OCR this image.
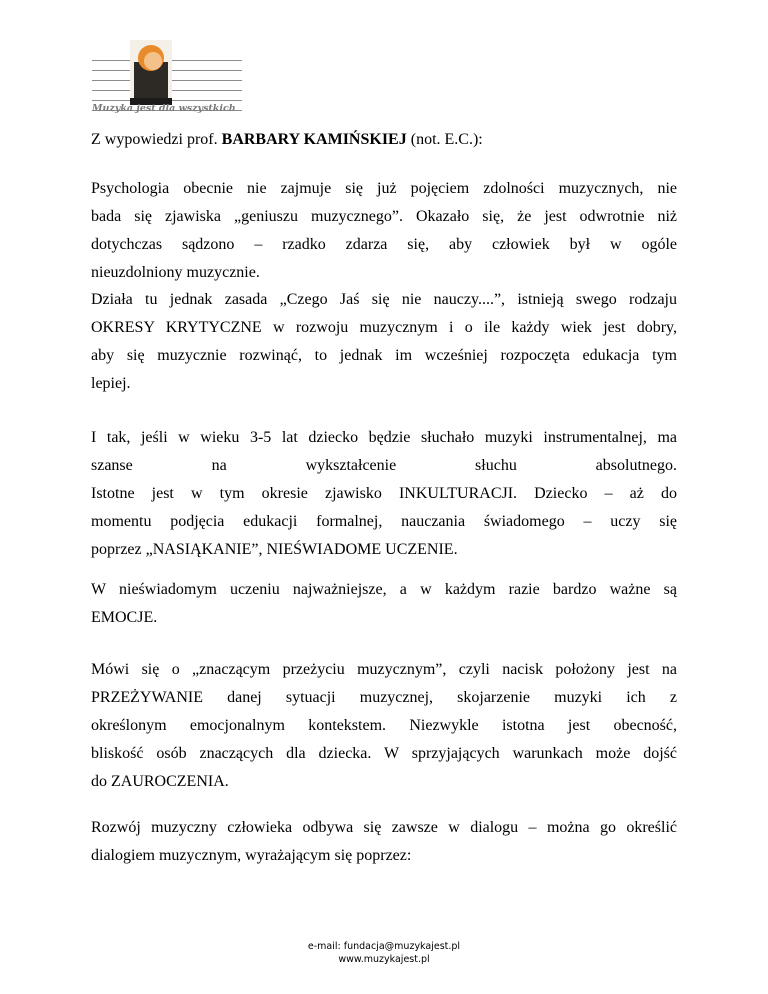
Muzyka jest dla wszystkich

Z wypowiedzi prof. BARBARY KAMIŃSKIEJ (not. E.C.):

Psychologia obecnie nie zajmuje się już pojęciem zdolności muzycznych, nie
bada się zjawiska „geniuszu muzycznego”. Okazało się, że jest odwrotnie niż
dotychczas sądzono – rzadko zdarza się, aby człowiek był w ogóle
nieuzdolniony muzycznie.
Działa tu jednak zasada „Czego Jaś się nie nauczy....”, istnieją swego rodzaju
OKRESY KRYTYCZNE w rozwoju muzycznym i o ile każdy wiek jest dobry,
aby się muzycznie rozwinąć, to jednak im wcześniej rozpoczęta edukacja tym
lepiej.
I tak, jeśli w wieku 3-5 lat dziecko będzie słuchało muzyki instrumentalnej, ma
szanse na wykształcenie słuchu absolutnego.
Istotne jest w tym okresie zjawisko INKULTURACJI. Dziecko – aż do
momentu podjęcia edukacji formalnej, nauczania świadomego – uczy się
poprzez „NASIĄKANIE”, NIEŚWIADOME UCZENIE.
W nieświadomym uczeniu najważniejsze, a w każdym razie bardzo ważne są
EMOCJE.
Mówi się o „znaczącym przeżyciu muzycznym”, czyli nacisk położony jest na
PRZEŻYWANIE danej sytuacji muzycznej, skojarzenie muzyki ich z
określonym emocjonalnym kontekstem. Niezwykle istotna jest obecność,
bliskość osób znaczących dla dziecka. W sprzyjających warunkach może dojść
do ZAUROCZENIA.
Rozwój muzyczny człowieka odbywa się zawsze w dialogu – można go określić
dialogiem muzycznym, wyrażającym się poprzez:
e-mail: fundacja@muzykajest.pl
www.muzykajest.pl
